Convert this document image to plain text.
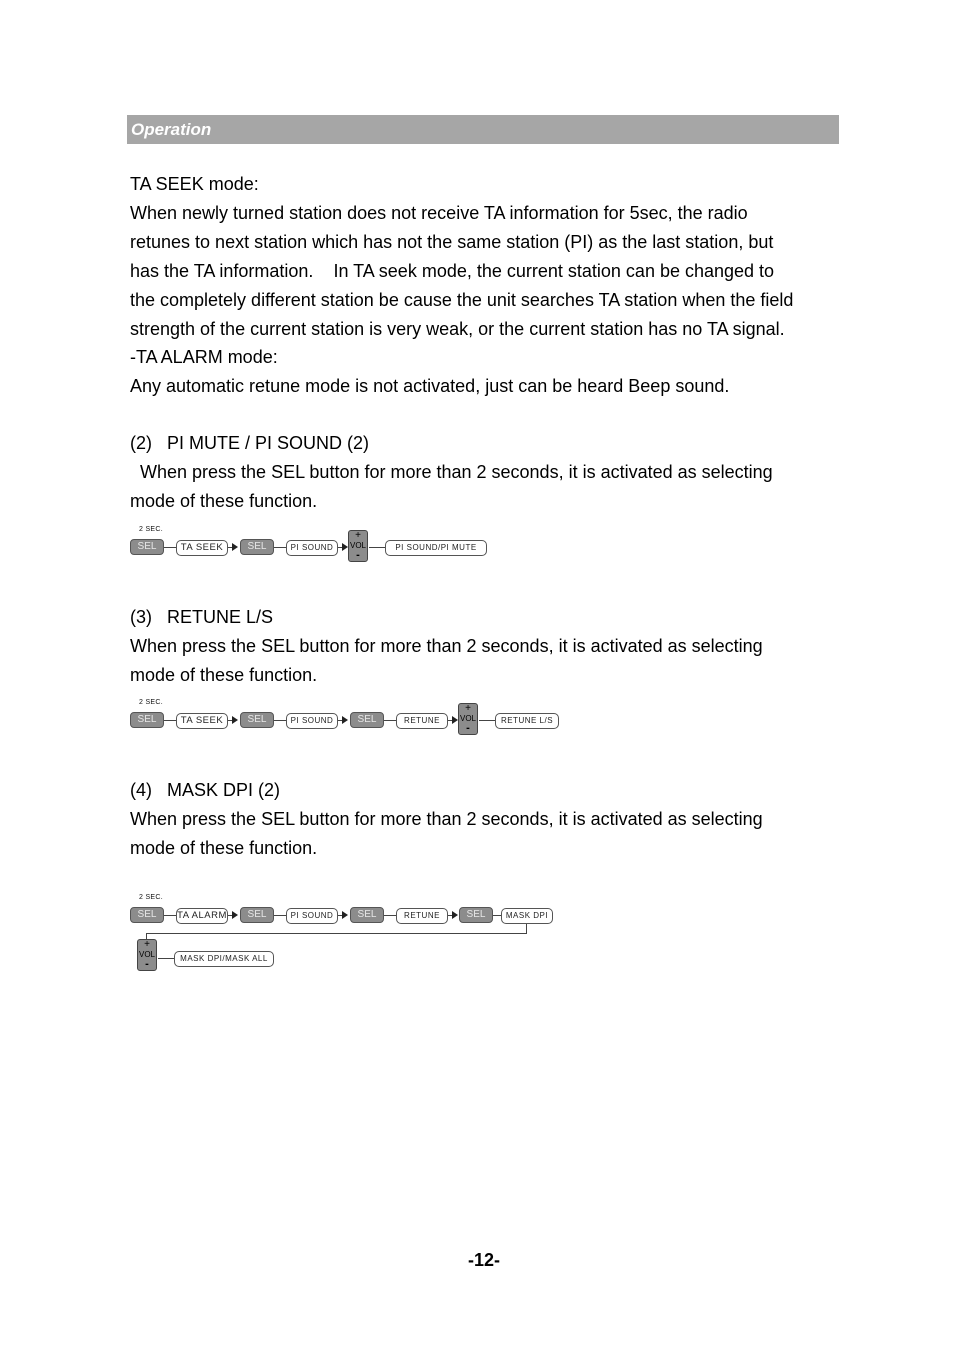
Operation
TA SEEK mode:
When newly turned station does not receive TA information for 5sec, the radio
retunes to next station which has not the same station (PI) as the last station, but
has the TA information.    In TA seek mode, the current station can be changed to
the completely different station be cause the unit searches TA station when the field
strength of the current station is very weak, or the current station has no TA signal.
-TA ALARM mode:
Any automatic retune mode is not activated, just can be heard Beep sound.
(2)   PI MUTE / PI SOUND (2)
When press the SEL button for more than 2 seconds, it is activated as selecting
mode of these function.
2 SEC.
SEL	TA SEEK	SEL	PI SOUND
+
VOL
-
PI SOUND/PI MUTE
(3)   RETUNE L/S
When press the SEL button for more than 2 seconds, it is activated as selecting
mode of these function.
2 SEC.
SEL	TA SEEK	SEL	PI SOUND	SEL	RETUNE
+
VOL
-
RETUNE L/S
(4)   MASK DPI (2)
When press the SEL button for more than 2 seconds, it is activated as selecting
mode of these function.
2 SEC.
SEL	TA ALARM	SEL	PI SOUND	SEL	RETUNE	SEL	MASK DPI
+
VOL
-	MASK DPI/MASK ALL
-12-
